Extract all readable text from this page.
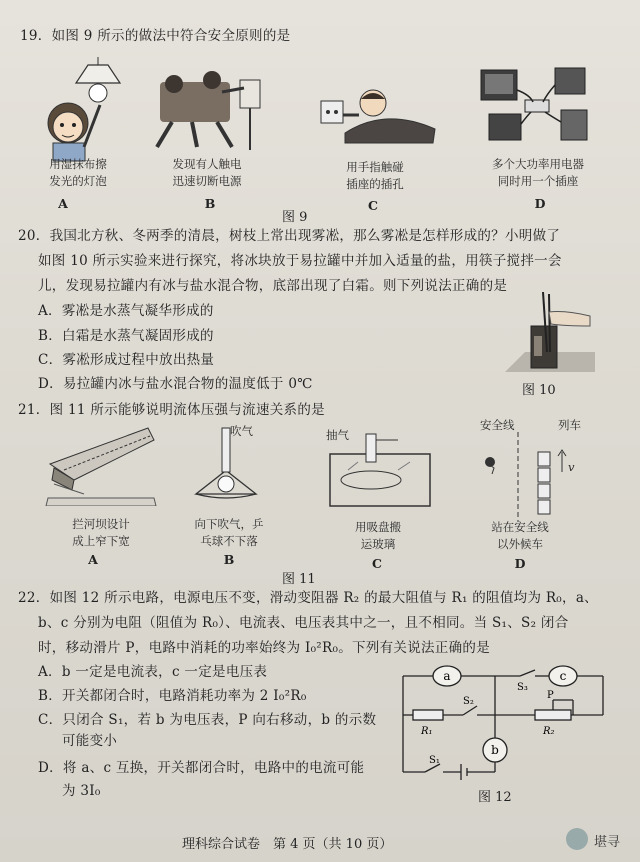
19．如图 9 所示的做法中符合安全原则的是
用湿抹布擦
发光的灯泡
发现有人触电
迅速切断电源
用手指触碰
插座的插孔
多个大功率用电器
同时用一个插座
A	B	C	D
图 9
20．我国北方秋、冬两季的清晨，树枝上常出现雾凇，那么雾凇是怎样形成的？小明做了
如图 10 所示实验来进行探究，将冰块放于易拉罐中并加入适量的盐，用筷子搅拌一会
儿，发现易拉罐内有冰与盐水混合物，底部出现了白霜。则下列说法正确的是
A．雾凇是水蒸气凝华形成的
B．白霜是水蒸气凝固形成的
C．雾凇形成过程中放出热量
D．易拉罐内冰与盐水混合物的温度低于 0℃	图 10
21．图 11 所示能够说明流体压强与流速关系的是
吹气	抽气
安全线	列车
v
拦河坝设计
成上窄下宽
向下吹气，乒
乓球不下落
用吸盘搬
运玻璃
站在安全线
以外候车
A	B	C	D
图 11
22．如图 12 所示电路，电源电压不变，滑动变阻器 R₂ 的最大阻值与 R₁ 的阻值均为 R₀，a、
b、c 分别为电阻（阻值为 R₀）、电流表、电压表其中之一，且不相同。当 S₁、S₂ 闭合
时，移动滑片 P，电路中消耗的功率始终为 I₀²R₀。下列有关说法正确的是
A．b 一定是电流表，c 一定是电压表
B．开关都闭合时，电路消耗功率为 2 I₀²R₀
C．只闭合 S₁，若 b 为电压表，P 向右移动，b 的示数
可能变小
D．将 a、c 互换，开关都闭合时，电路中的电流可能
为 3I₀
a	c
b
S₃
S₂
S₁
P
R₁	R₂
图 12
理科综合试卷　第 4 页（共 10 页）	堪寻
